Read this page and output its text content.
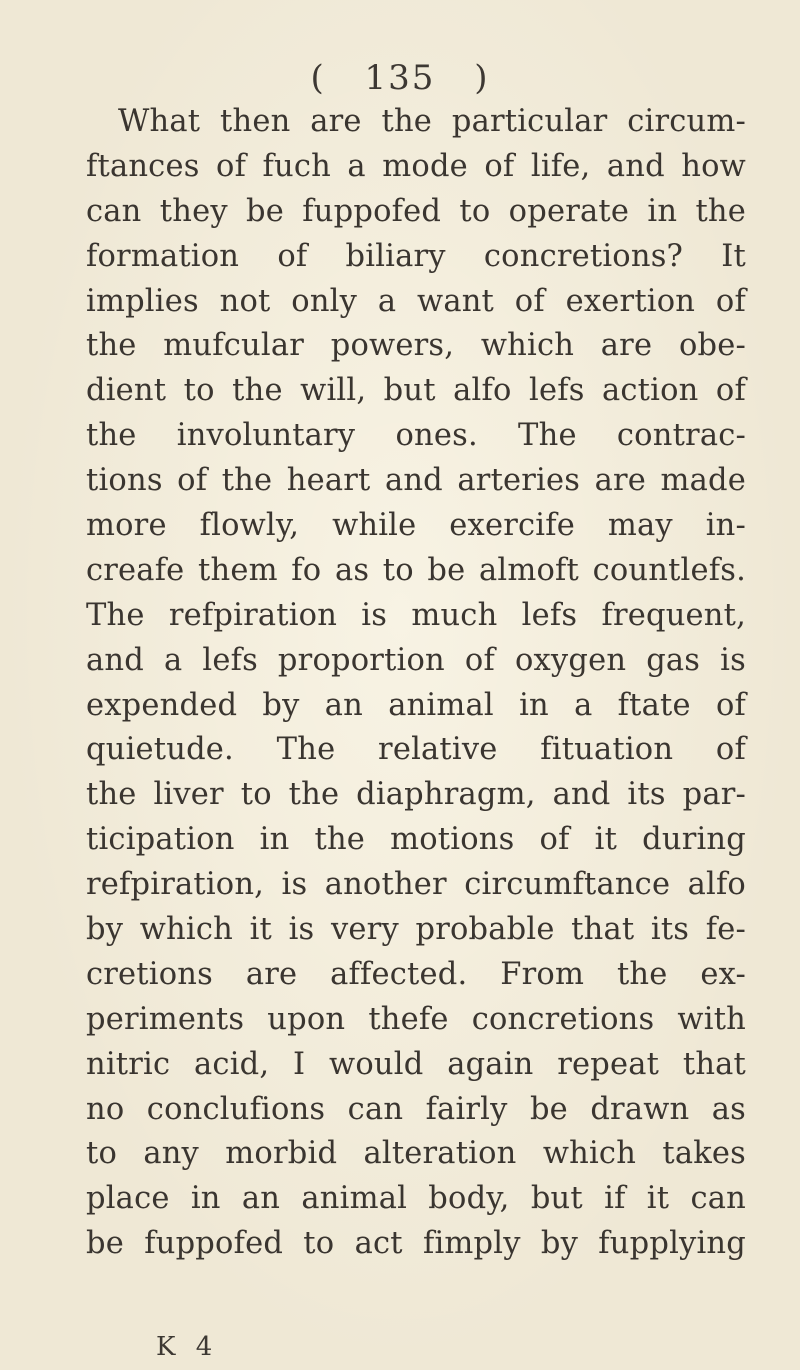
( 135 )
What then are the particular circum-
ftances of fuch a mode of life, and how
can they be fuppofed to operate in the
formation of biliary concretions? It
implies not only a want of exertion of
the mufcular powers, which are obe-
dient to the will, but alfo lefs action of
the involuntary ones. The contrac-
tions of the heart and arteries are made
more flowly, while exercife may in-
creafe them fo as to be almoft countlefs.
The refpiration is much lefs frequent,
and a lefs proportion of oxygen gas is
expended by an animal in a ftate of
quietude. The relative fituation of
the liver to the diaphragm, and its par-
ticipation in the motions of it during
refpiration, is another circumftance alfo
by which it is very probable that its fe-
cretions are affected. From the ex-
periments upon thefe concretions with
nitric acid, I would again repeat that
no conclufions can fairly be drawn as
to any morbid alteration which takes
place in an animal body, but if it can
be fuppofed to act fimply by fupplying
K 4
